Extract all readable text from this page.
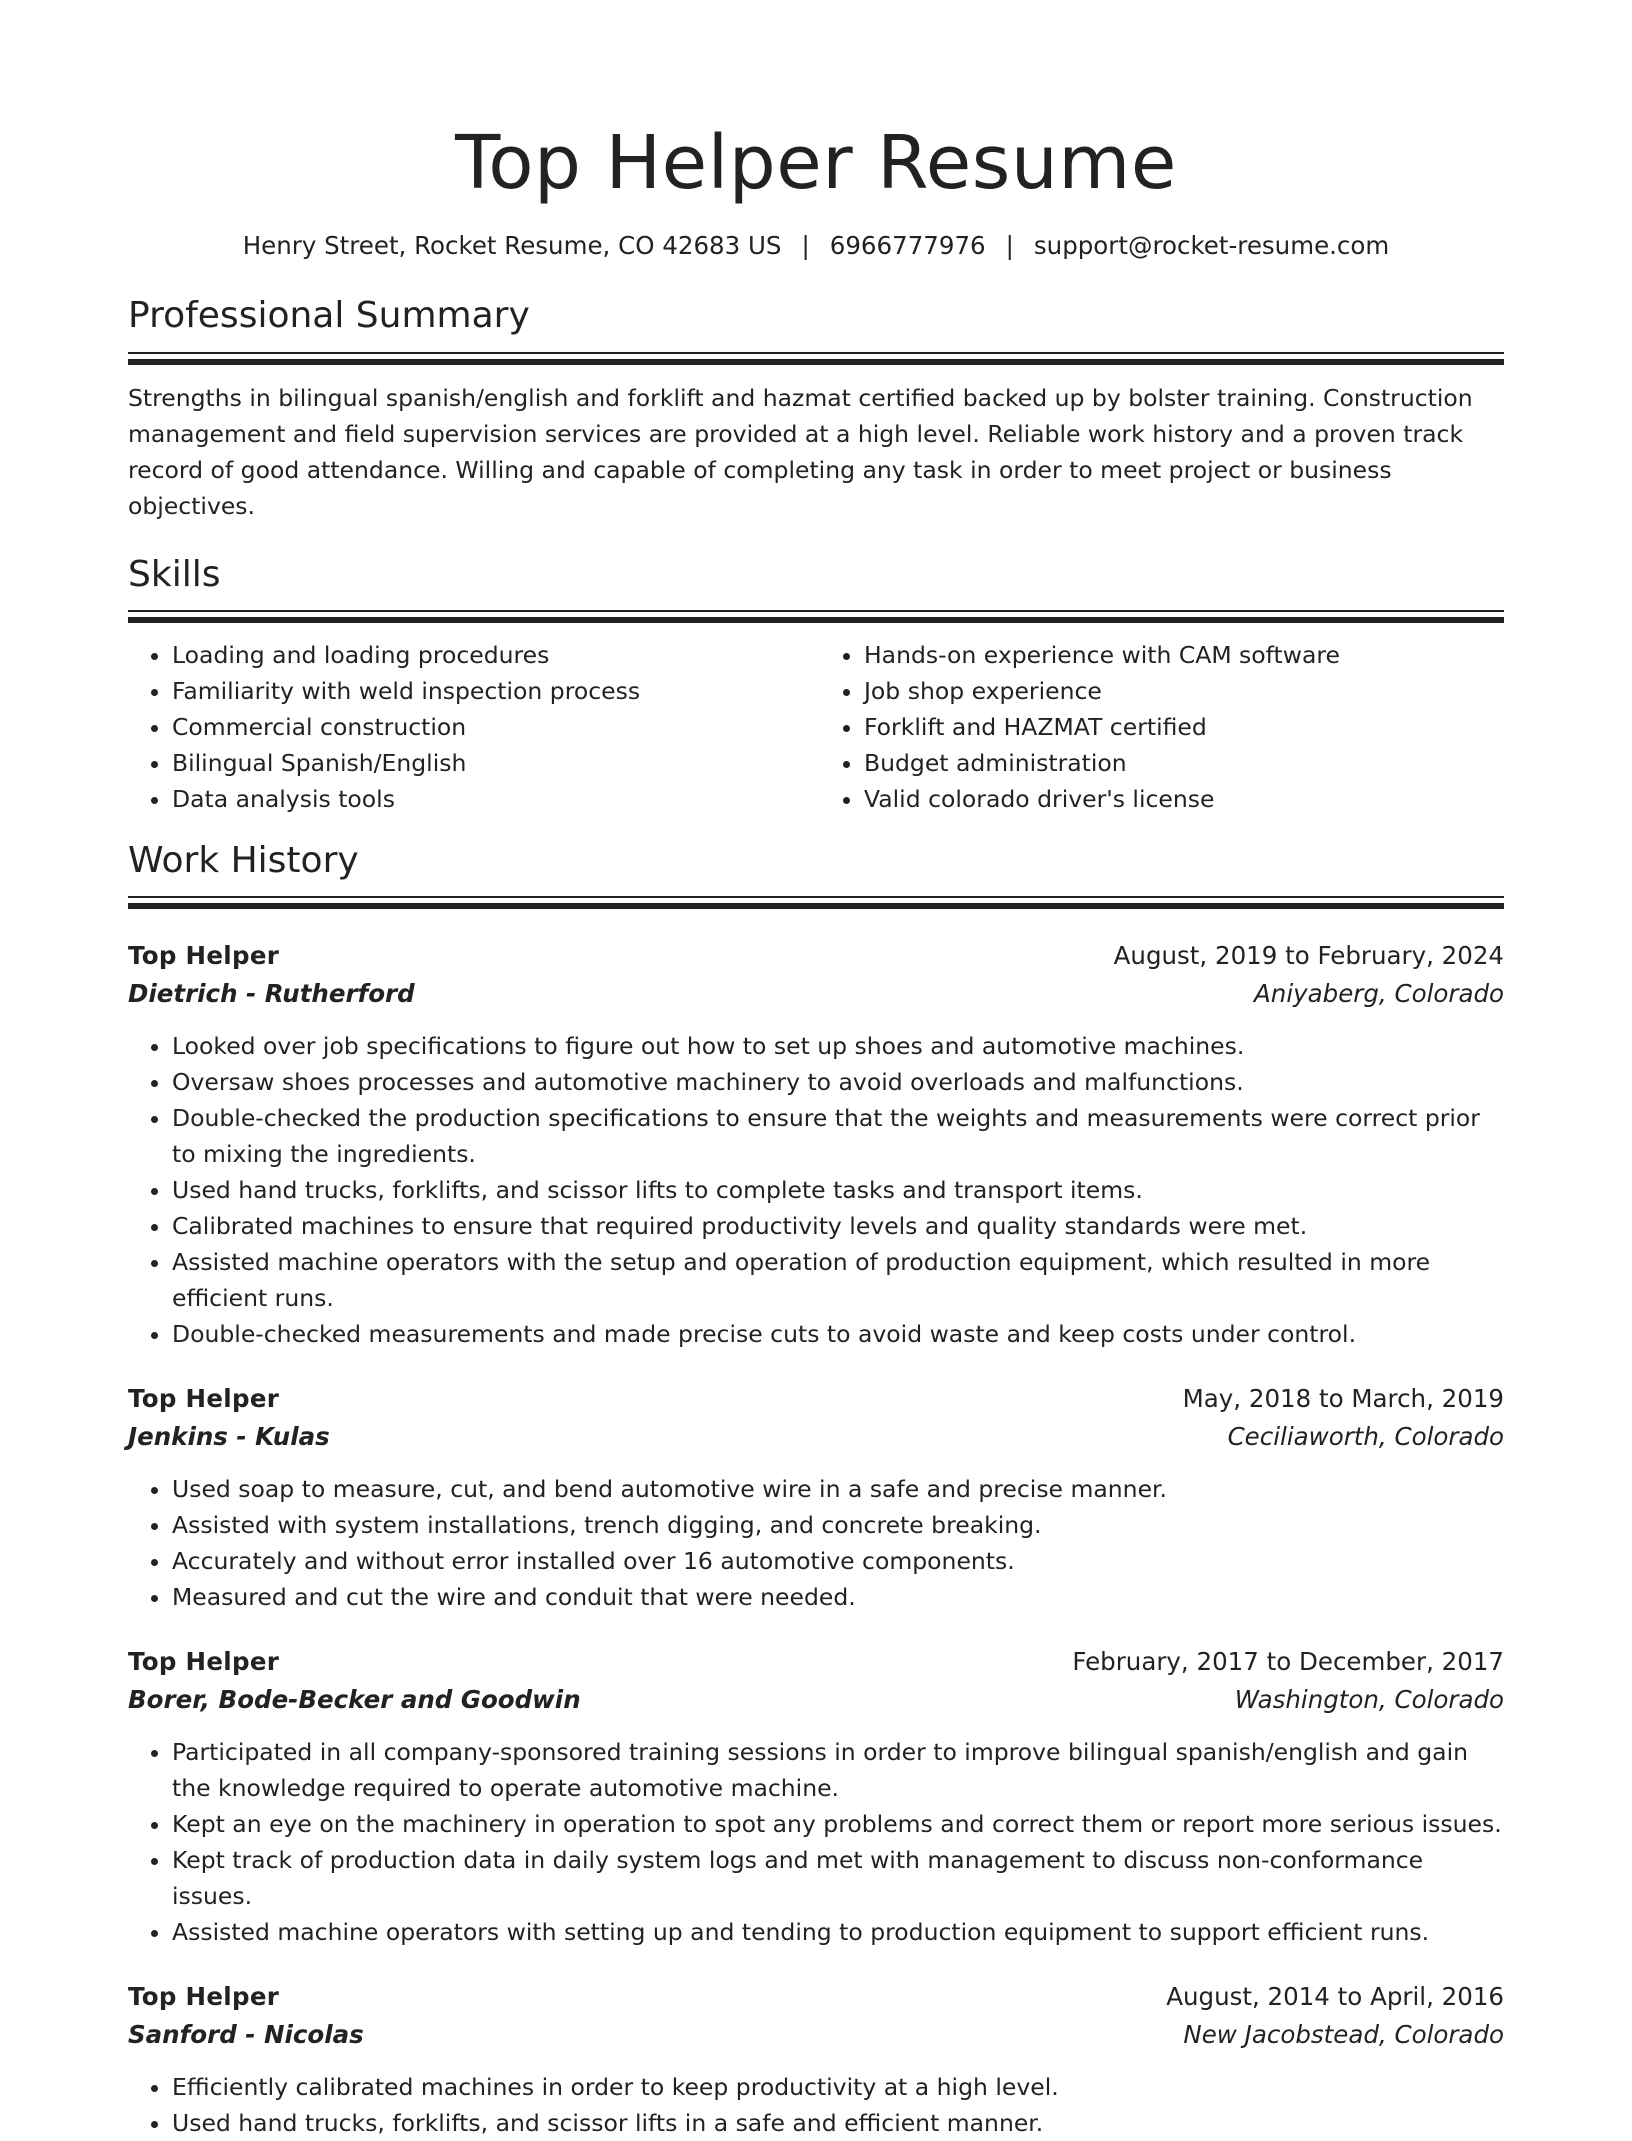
Top Helper Resume
Henry Street, Rocket Resume, CO 42683 US | 6966777976 | support@rocket-resume.com
Professional Summary

Strengths in bilingual spanish/english and forklift and hazmat certified backed up by bolster training. Construction management and field supervision services are provided at a high level. Reliable work history and a proven track record of good attendance. Willing and capable of completing any task in order to meet project or business objectives.

Skills
• Loading and loading procedures
• Familiarity with weld inspection process
• Commercial construction
• Bilingual Spanish/English
• Data analysis tools
• Hands-on experience with CAM software
• Job shop experience
• Forklift and HAZMAT certified
• Budget administration
• Valid colorado driver's license
Work History
Top Helper	August, 2019 to February, 2024
Dietrich - Rutherford	Aniyaberg, Colorado
• Looked over job specifications to figure out how to set up shoes and automotive machines.
• Oversaw shoes processes and automotive machinery to avoid overloads and malfunctions.
• Double-checked the production specifications to ensure that the weights and measurements were correct prior to mixing the ingredients.
• Used hand trucks, forklifts, and scissor lifts to complete tasks and transport items.
• Calibrated machines to ensure that required productivity levels and quality standards were met.
• Assisted machine operators with the setup and operation of production equipment, which resulted in more efficient runs.
• Double-checked measurements and made precise cuts to avoid waste and keep costs under control.
Top Helper	May, 2018 to March, 2019
Jenkins - Kulas	Ceciliaworth, Colorado
• Used soap to measure, cut, and bend automotive wire in a safe and precise manner.
• Assisted with system installations, trench digging, and concrete breaking.
• Accurately and without error installed over 16 automotive components.
• Measured and cut the wire and conduit that were needed.
Top Helper	February, 2017 to December, 2017
Borer, Bode-Becker and Goodwin	Washington, Colorado
• Participated in all company-sponsored training sessions in order to improve bilingual spanish/english and gain the knowledge required to operate automotive machine.
• Kept an eye on the machinery in operation to spot any problems and correct them or report more serious issues.
• Kept track of production data in daily system logs and met with management to discuss non-conformance issues.
• Assisted machine operators with setting up and tending to production equipment to support efficient runs.
Top Helper	August, 2014 to April, 2016
Sanford - Nicolas	New Jacobstead, Colorado
• Efficiently calibrated machines in order to keep productivity at a high level.
• Used hand trucks, forklifts, and scissor lifts in a safe and efficient manner.
